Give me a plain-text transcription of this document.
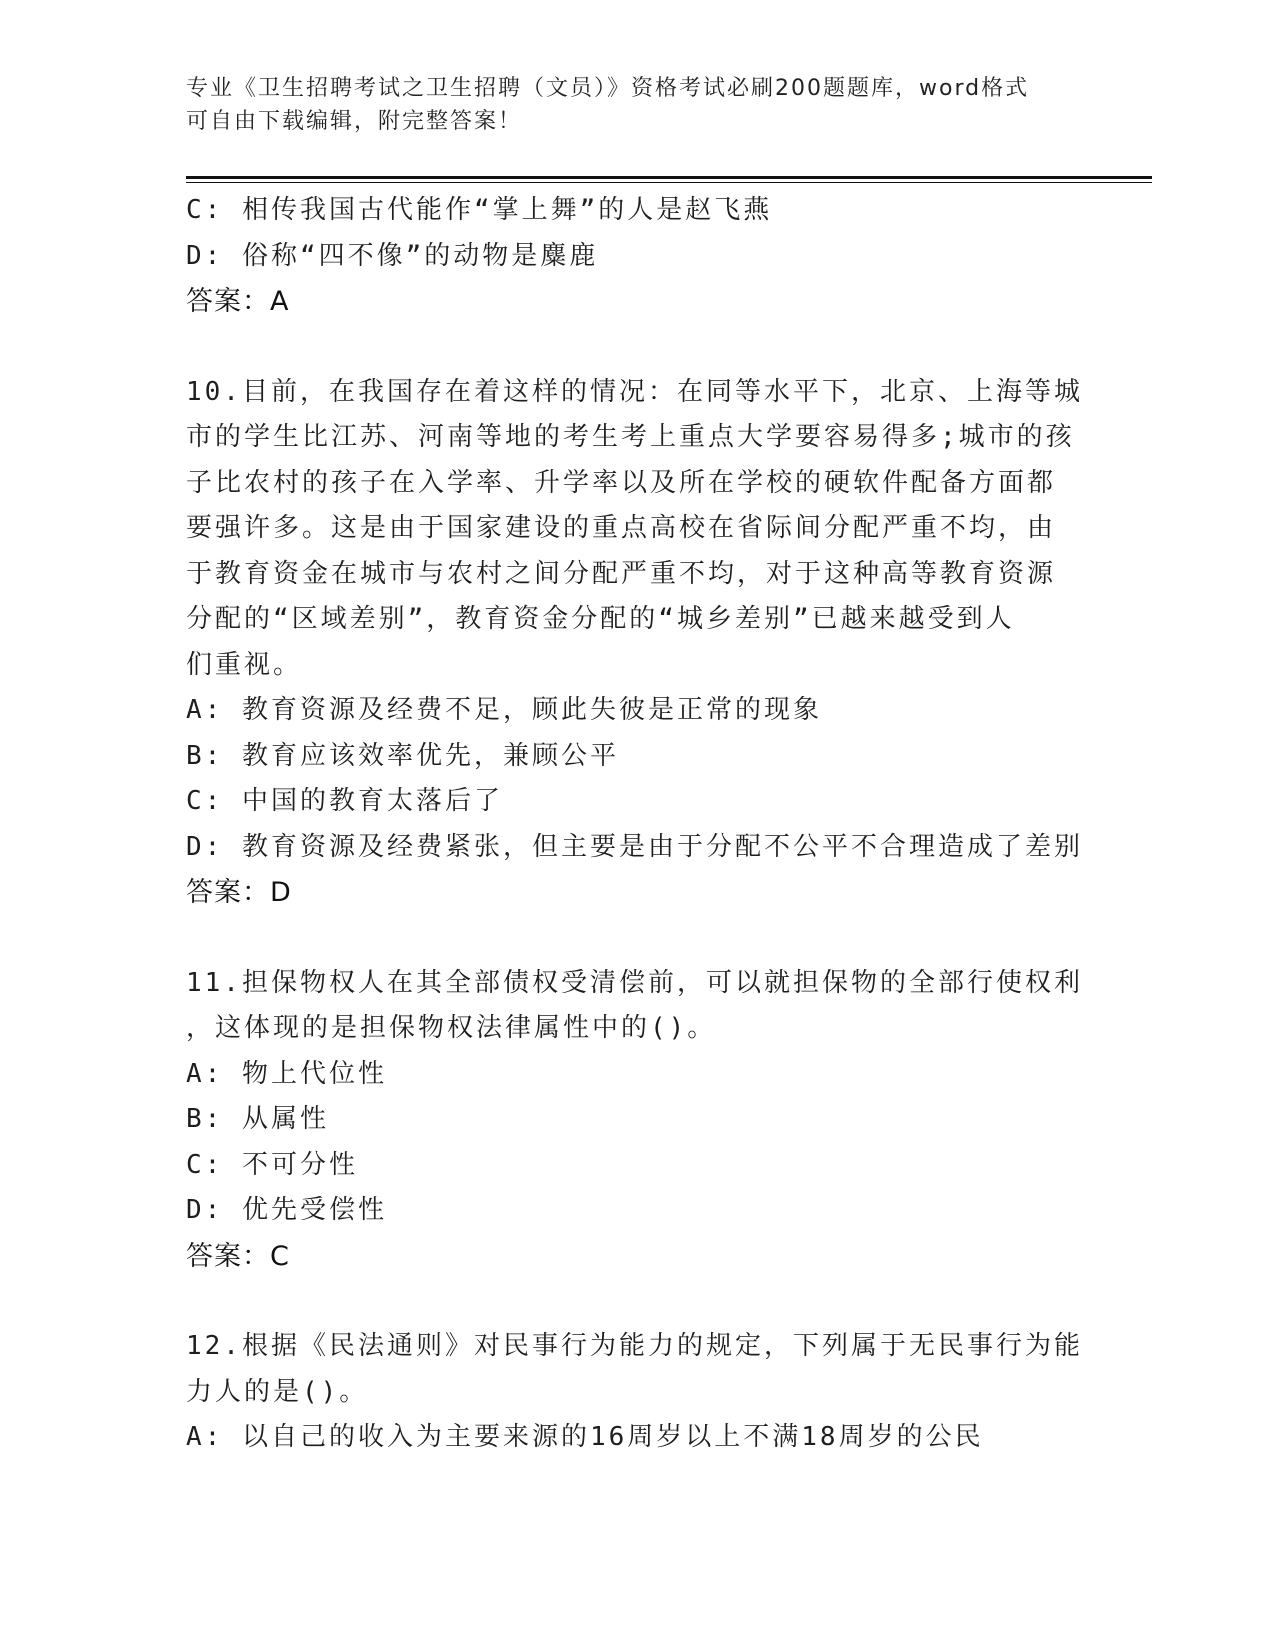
专业《卫生招聘考试之卫生招聘（文员）》资格考试必刷200题题库，word格式
可自由下载编辑，附完整答案！
C: 相传我国古代能作“掌上舞”的人是赵飞燕
D: 俗称“四不像”的动物是麋鹿
答案：A
10.目前，在我国存在着这样的情况：在同等水平下，北京、上海等城
市的学生比江苏、河南等地的考生考上重点大学要容易得多;城市的孩
子比农村的孩子在入学率、升学率以及所在学校的硬软件配备方面都
要强许多。这是由于国家建设的重点高校在省际间分配严重不均，由
于教育资金在城市与农村之间分配严重不均，对于这种高等教育资源
分配的“区域差别”，教育资金分配的“城乡差别”已越来越受到人
们重视。
A: 教育资源及经费不足，顾此失彼是正常的现象
B: 教育应该效率优先，兼顾公平
C: 中国的教育太落后了
D: 教育资源及经费紧张，但主要是由于分配不公平不合理造成了差别
答案：D
11.担保物权人在其全部债权受清偿前，可以就担保物的全部行使权利
，这体现的是担保物权法律属性中的()。
A: 物上代位性
B: 从属性
C: 不可分性
D: 优先受偿性
答案：C
12.根据《民法通则》对民事行为能力的规定，下列属于无民事行为能
力人的是()。
A: 以自己的收入为主要来源的16周岁以上不满18周岁的公民
